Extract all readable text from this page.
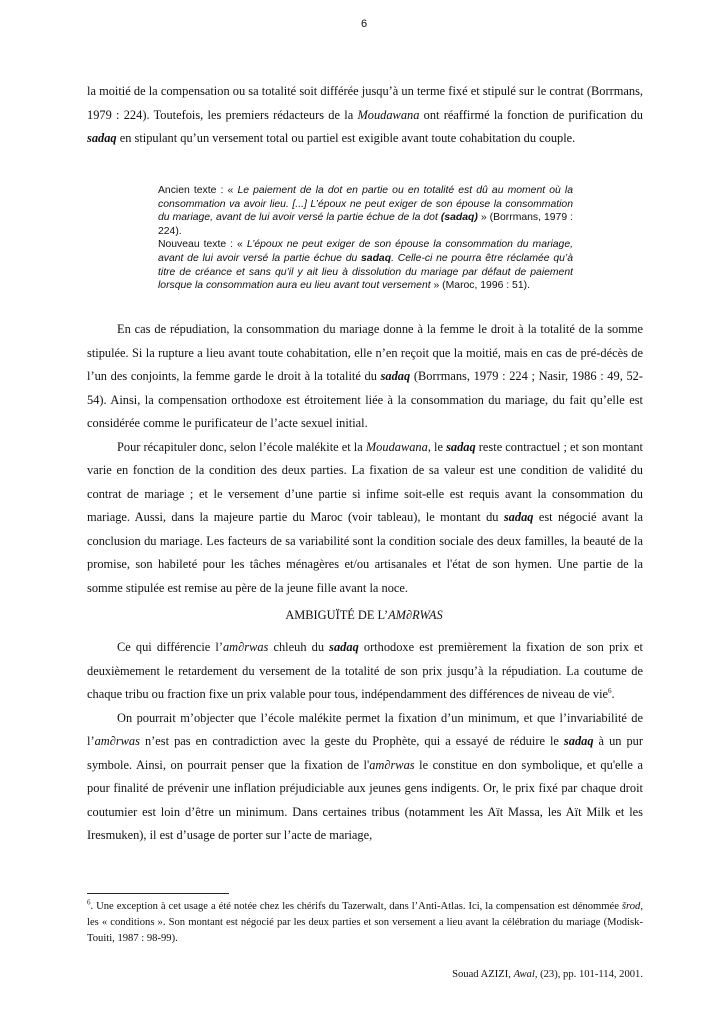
6

la moitié de la compensation ou sa totalité soit différée jusqu’à un terme fixé et stipulé sur le contrat (Borrmans, 1979 : 224). Toutefois, les premiers rédacteurs de la Moudawana ont réaffirmé la fonction de purification du sadaq en stipulant qu’un versement total ou partiel est exigible avant toute cohabitation du couple.

Ancien texte : « Le paiement de la dot en partie ou en totalité est dû au moment où la consommation va avoir lieu. [...] L’époux ne peut exiger de son épouse la consommation du mariage, avant de lui avoir versé la partie échue de la dot (sadaq) » (Borrmans, 1979 : 224).
Nouveau texte : « L’époux ne peut exiger de son épouse la consommation du mariage, avant de lui avoir versé la partie échue du sadaq. Celle-ci ne pourra être réclamée qu’à titre de créance et sans qu’il y ait lieu à dissolution du mariage par défaut de paiement lorsque la consommation aura eu lieu avant tout versement » (Maroc, 1996 : 51).

En cas de répudiation, la consommation du mariage donne à la femme le droit à la totalité de la somme stipulée. Si la rupture a lieu avant toute cohabitation, elle n’en reçoit que la moitié, mais en cas de pré-décès de l’un des conjoints, la femme garde le droit à la totalité du sadaq (Borrmans, 1979 : 224 ; Nasir, 1986 : 49, 52-54). Ainsi, la compensation orthodoxe est étroitement liée à la consommation du mariage, du fait qu’elle est considérée comme le purificateur de l’acte sexuel initial.

Pour récapituler donc, selon l’école malékite et la Moudawana, le sadaq reste contractuel ; et son montant varie en fonction de la condition des deux parties. La fixation de sa valeur est une condition de validité du contrat de mariage ; et le versement d’une partie si infime soit-elle est requis avant la consommation du mariage. Aussi, dans la majeure partie du Maroc (voir tableau), le montant du sadaq est négocié avant la conclusion du mariage. Les facteurs de sa variabilité sont la condition sociale des deux familles, la beauté de la promise, son habileté pour les tâches ménagères et/ou artisanales et l'état de son hymen. Une partie de la somme stipulée est remise au père de la jeune fille avant la noce.

AMBIGUÏTÉ DE L’AM∂RWAS

Ce qui différencie l’am∂rwas chleuh du sadaq orthodoxe est premièrement la fixation de son prix et deuxièmement le retardement du versement de la totalité de son prix jusqu’à la répudiation. La coutume de chaque tribu ou fraction fixe un prix valable pour tous, indépendamment des différences de niveau de vie$^6$.

On pourrait m’objecter que l’école malékite permet la fixation d’un minimum, et que l’invariabilité de l’am∂rwas n’est pas en contradiction avec la geste du Prophète, qui a essayé de réduire le sadaq à un pur symbole. Ainsi, on pourrait penser que la fixation de l'am∂rwas le constitue en don symbolique, et qu'elle a pour finalité de prévenir une inflation préjudiciable aux jeunes gens indigents. Or, le prix fixé par chaque droit coutumier est loin d’être un minimum. Dans certaines tribus (notamment les Aït Massa, les Aït Milk et les Iresmuken), il est d’usage de porter sur l’acte de mariage,

$^6$. Une exception à cet usage a été notée chez les chérifs du Tazerwalt, dans l’Anti-Atlas. Ici, la compensation est dénommée šrod, les « conditions ». Son montant est négocié par les deux parties et son versement a lieu avant la célébration du mariage (Modisk-Touiti, 1987 : 98-99).

Souad AZIZI, Awal, (23), pp. 101-114, 2001.
